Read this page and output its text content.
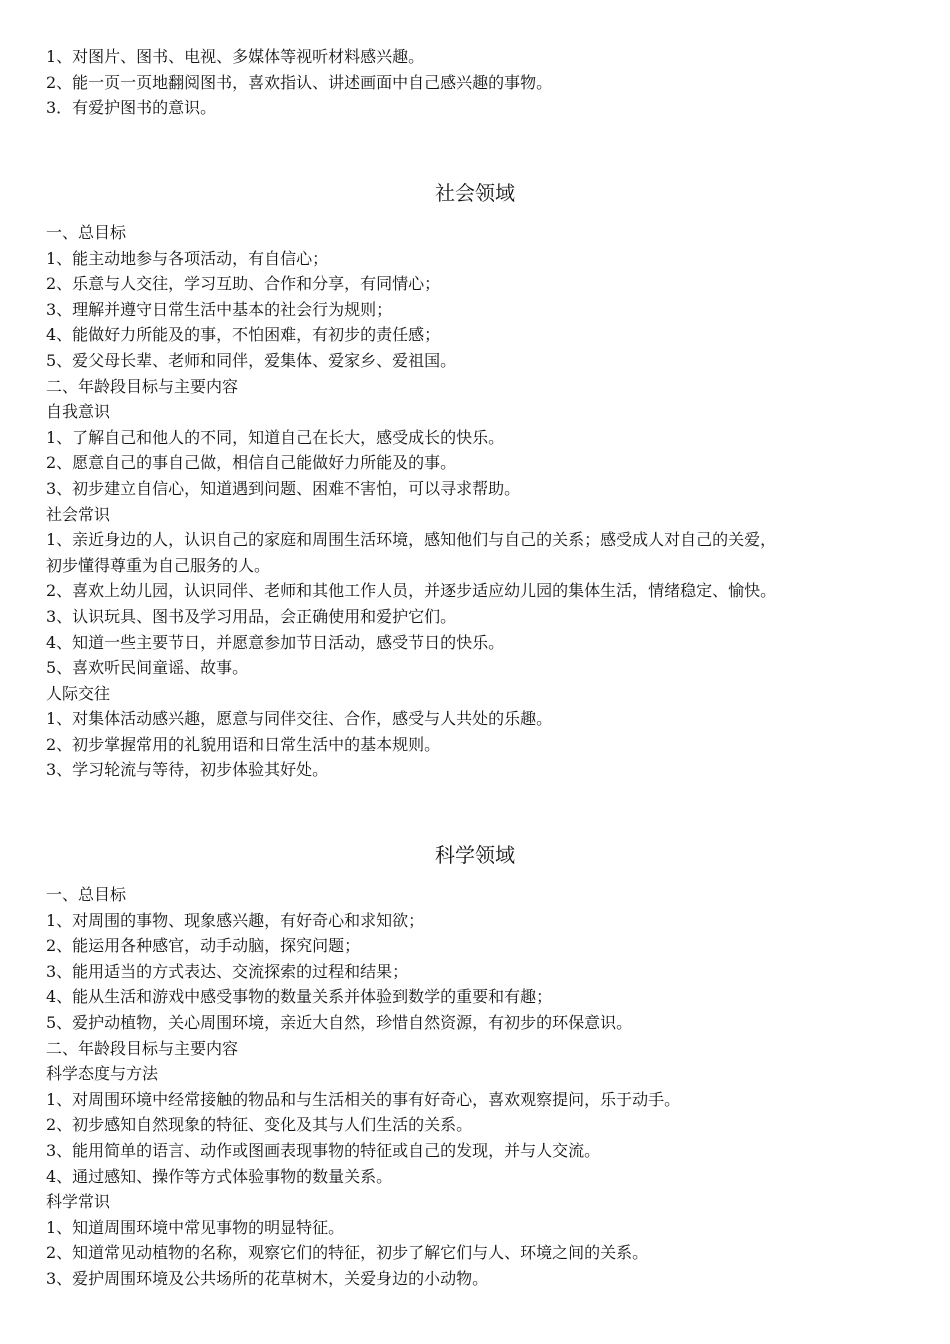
1、对图片、图书、电视、多媒体等视听材料感兴趣。
2、能一页一页地翻阅图书，喜欢指认、讲述画面中自己感兴趣的事物。
3．有爱护图书的意识。
社会领域
一、总目标
1、能主动地参与各项活动，有自信心；
2、乐意与人交往，学习互助、合作和分享，有同情心；
3、理解并遵守日常生活中基本的社会行为规则；
4、能做好力所能及的事，不怕困难，有初步的责任感；
5、爱父母长辈、老师和同伴，爱集体、爱家乡、爱祖国。
二、年龄段目标与主要内容
自我意识
1、了解自己和他人的不同，知道自己在长大，感受成长的快乐。
2、愿意自己的事自己做，相信自己能做好力所能及的事。
3、初步建立自信心，知道遇到问题、困难不害怕，可以寻求帮助。
社会常识
1、亲近身边的人，认识自己的家庭和周围生活环境，感知他们与自己的关系；感受成人对自己的关爱，
初步懂得尊重为自己服务的人。
2、喜欢上幼儿园，认识同伴、老师和其他工作人员，并逐步适应幼儿园的集体生活，情绪稳定、愉快。
3、认识玩具、图书及学习用品，会正确使用和爱护它们。
4、知道一些主要节日，并愿意参加节日活动，感受节日的快乐。
5、喜欢听民间童谣、故事。
人际交往
1、对集体活动感兴趣，愿意与同伴交往、合作，感受与人共处的乐趣。
2、初步掌握常用的礼貌用语和日常生活中的基本规则。
3、学习轮流与等待，初步体验其好处。
科学领域
一、总目标
1、对周围的事物、现象感兴趣，有好奇心和求知欲；
2、能运用各种感官，动手动脑，探究问题；
3、能用适当的方式表达、交流探索的过程和结果；
4、能从生活和游戏中感受事物的数量关系并体验到数学的重要和有趣；
5、爱护动植物，关心周围环境，亲近大自然，珍惜自然资源，有初步的环保意识。
二、年龄段目标与主要内容
科学态度与方法
1、对周围环境中经常接触的物品和与生活相关的事有好奇心，喜欢观察提问，乐于动手。
2、初步感知自然现象的特征、变化及其与人们生活的关系。
3、能用简单的语言、动作或图画表现事物的特征或自己的发现，并与人交流。
4、通过感知、操作等方式体验事物的数量关系。
科学常识
1、知道周围环境中常见事物的明显特征。
2、知道常见动植物的名称，观察它们的特征，初步了解它们与人、环境之间的关系。
3、爱护周围环境及公共场所的花草树木，关爱身边的小动物。
